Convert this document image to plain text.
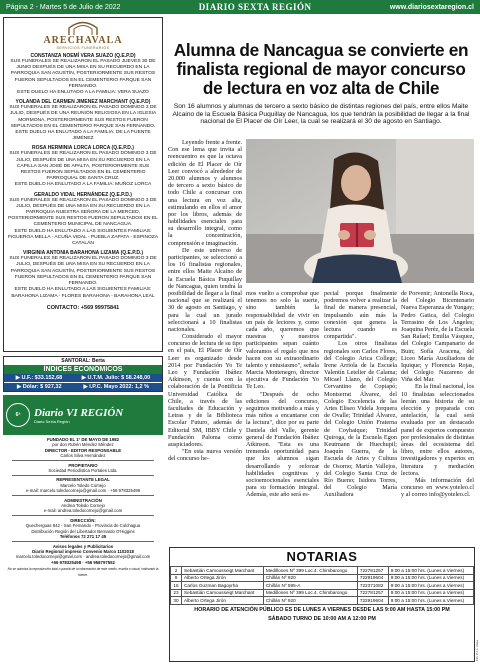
Página 2 - Martes 5 de Julio de 2022	DIARIO SEXTA REGIÓN	www.diariosextaregion.cl
ARECHAVALA
SERVICIOS FUNERARIOS
CONSTANZA NOEMÍ VERA SUAZO (Q.E.P.D)
SUS FUNERALES SE REALIZARON EL PASADO JUEVES 30 DE JUNIO DESPUÉS DE UNA MISA EN SU RECUERDO EN LA PARROQUIA SAN AGUSTÍN, POSTERIORMENTE SUS RESTOS FUERON SEPULTADOS EN EL CEMENTERIO PARQUE SAN FERNANDO.
ESTE DUELO HA ENLUTADO A LA FAMILIA: VERA SUAZO
YOLANDA DEL CARMEN JIMENEZ MARCHANT (Q.E.P.D)
SUS FUNERALES SE REALIZARON EL PASADO DOMINGO 3 DE JULIO, DESPUÉS DE UNA REUNIÓN RELIGIOSA EN LA IGLESIA MORMONA, POSTERIORMENTE SUS RESTOS FUERON SEPULTADOS EN EL CEMENTERIO PARQUE SAN FERNANDO.
ESTE DUELO HA ENLUTADO A LA FAMILIA: DE LA FUENTE JIMÉNEZ
ROSA HERMINIA LORCA LORCA (Q.E.P.D.)
SUS FUNERALES SE REALIZARON EL PASADO DOMINGO 3 DE JULIO, DESPUÉS DE UNA MISA EN SU RECUERDO EN LA CAPILLA SAN JOSÉ DE APALTA, POSTERIORMENTE SUS RESTOS FUERON SEPULTADOS EN EL CEMENTERIO PARROQUIAL DE SANTA CRUZ.
ESTE DUELO HA ENLUTADO A LA FAMILIA: MUÑOZ LORCA
GERALDO VIDAL HERNÁNDEZ (Q.E.P.D.)
SUS FUNERALES SE REALIZARON EL PASADO DOMINGO 3 DE JULIO, DESPUÉS DE UNA MISA EN SU RECUERDO EN LA PARROQUIA NUESTRA SEÑORA DE LA MERCED, POSTERIORMENTE SUS RESTOS FUERON SEPULTADOS EN EL CEMENTERIO MUNICIPAL DE NANCAGUA.
ESTE DUELO HA ENLUTADO A LAS SIGUIENTES FAMILIAS: FIGUEROA MELLA - ACUÑA VIDAL - PUEBLA ZAPATA - ESPINOZA CATALÁN
VIRGINIA ANTONIA BARAHONA LIZAMA (Q.E.P.D.)
SUS FUNERALES SE REALIZARON EL PASADO DOMINGO 3 DE JULIO, DESPUÉS DE UNA MISA EN SU RECUERDO EN LA PARROQUIA SAN AGUSTÍN, POSTERIORMENTE SUS RESTOS FUERON SEPULTADOS EN EL CEMENTERIO PARQUE SAN FERNANDO.
ESTE DUELO HA ENLUTADO A LAS SIGUIENTES FAMILIAS: BARAHONA LIZAMA - FLORES BARAHONA - BARAHONA LEAL
CONTACTO: +569 99975841
SANTORAL: Berta
ÍNDICES ECONÓMICOS
▶ U.F.: $33.152,68	▶ U.T.M. Julio: $ 58.248,00
▶ Dólar: $ 927,32	▶ I.P.C. Mayo 2022: 1,2 %
6ª	Diario VI REGIÓN
Diario Sexta Región
FUNDADO EL 1º DE MAYO DE 1982
por don Rubén Méndez Méndez
DIRECTOR - EDITOR RESPONSABLE
Carlos Silva Hernández
PROPIETARIO
Sociedad Periodística Portales Ltda.
REPRESENTANTE LEGAL
Marcelo Toledo Cornejo
e-mail: marcelo.toledocornejo@gmail.com · +56 978325498
ADMINISTRACIÓN
Andrea Toledo Cornejo
e-mail: andrea.toledocornejo@gmail.com
DIRECCIÓN:
Quecherguas 842 - San Fernando - Provincia de Colchagua
Distribución Región del Libertador Bernardo O'Higgins
Teléfonos 72 271 17 45
Avisos legales y Publicitarios
Diario Regional impreso Convenio Marco 1102018
marcelo.toledocornejo@gmail.com · andrea.toledocornejo@gmail.com
+56 978325498 · +56 958797552
No se autoriza la reproducción total o parcial de la información de este medio, escrita o visual, indicando la fuente.
Alumna de Nancagua se convierte en finalista regional de mayor concurso de lectura en voz alta de Chile
Son 16 alumnos y alumnas de tercero a sexto básico de distintas regiones del país, entre ellos Maite Alcaino de la Escuela Básica Puquillay de Nancagua, los que tendrán la posibilidad de llegar a la final nacional de El Placer de Oír Leer, la cual se realizará el 30 de agosto en Santiago.

Leyendo frente a frente. Con ese lema que invita al reencuentro es que la octava edición de El Placer de Oír Leer convocó a alrededor de 20.000 alumnos y alumnos de tercero a sexto básico de todo Chile a concursar con una lectura en voz alta, estimulando en ellos el amor por los libros, además de habilidades esenciales para su desarrollo integral, como la concentración, comprensión e imaginación.

De este universo de participantes, se seleccionó a los 16 finalistas regionales, entre ellos Maite Alcaino de la Escuela Básica Puquillay de Nancagua, quien tendrá la posibilidad de llegar a la final nacional que se realizará el 30 de agosto en Santiago, y para la cual un jurado seleccionará a 10 finalistas nacionales.

Considerado el mayor concurso de lectura de su tipo en el país, El Placer de Oír Leer es organizado desde 2014 por Fundación Yo Te Leo y Fundación Ibáñez Atkinson, y cuenta con la colaboración de la Pontificia Universidad Católica de Chile, a través de las facultades de Educación y Letras y de la Biblioteca Escolar Futuro, además de Editorial SM, IBBY Chile y Fundación Paloma como auspiciadores.

"En esta nueva versión del concurso he-

mos vuelto a comprobar que tenemos no solo la suerte, sino también la responsabilidad de vivir en un país de lectores y, como cada año, queremos que nuestras y nuestros participantes sepan cuánto valoramos el regalo que nos hacen con su extraordinario talento y entusiasmo", señala Marcia Montenegro, director ejecutiva de Fundación Yo Te Leo.

"Después de ocho ediciones del concurso, seguimos motivando a más y más niños a encantarse con la lectura", dice por su parte Daniela del Valle, gerente general de Fundación Ibáñez Atkinson. "Esta es una tremenda oportunidad para que los alumnos sigan desarrollando y reforzar habilidades cognitivas y socioemocionales esenciales para su formación integral. Además, este año será es-

pecial porque finalmente podremos volver a realizar la final de manera presencial, impulsando aún más la conexión que genera la lectura cuando es compartida".

Los otros finalistas regionales son Carlos Flores, del Colegio Arica College; Irene Arriola de la Escuela Valentín Letelier de Calama; Micael Llano, del Colegio Cervantino de Copiapó; Montserrat Álvarez, del Colegio Excelencia de las Artes Eliseo Videla Jorquera de Ovalle; Trinidad Álvarez, del Colegio Unión Fraterna de Coyhaique; Trinidad Quiroga, de la Escuela Egon Keutmann de Huechupil; Joaquín Guerra, de la Escuela de Artes y Cultura de Osorno; Martín Vallejos, del Colegio Santa Cruz de Río Bueno; Isidora Torres, del Colegio María Auxiliadora

de Porvenir; Antonella Roca, del Colegio Bicentenario Nueva Esperanza de Yungay; Pedro Gatica, del Colegio Terrasino de Los Ángeles; Joaquina Peréz, de la Escuela San Rafael; Emilia Vásquez, del Colegio Campanario de Buin; Sofía Aracena, del Liceo María Auxiliadora de Iquique; y Florencia Rojas, del Colegio Nazareno de Viña del Mar.

En la final nacional, los 10 finalistas seleccionados leerán una historia de su elección y preparada con antelación, la cual será evaluada por un destacado panel de expertos compuesto por profesionales de distintas áreas del ecosistema del libro, entre ellos autores, investigadores y expertos en literatura y mediación lectora.

Más información del concurso en www.yoteleo.cl y al correo info@yoteleo.cl.

NOTARIAS
2	Sebastián Camousseigt Marchant	Medillones Nº 399 Loc.4. Chimbarongo	722781257	9:00 a 15:00 hrs. (Lunes a Viernes)
9	Alberto Ortega Jirón	Chillán Nº 920	722919604	9:00 a 15:00 hrs. (Lunes a Viernes)
16	Carlos Guzman Bagoyrha	Chillán Nº 595-A	722371082	9:00 a 15:00 hrs. (Lunes a Viernes)
23	Sebastián Camousseigt Marchant	Medillones Nº 399 Loc.4. Chimbarongo	722781257	9:00 a 15:00 hrs. (Lunes a Viernes)
30	Alberto Ortega Jirón	Chillán Nº 920	722919604	9:00 a 15:00 hrs. (Lunes a Viernes)
HORARIO DE ATENCIÓN PÚBLICO ES DE LUNES A VIERNES DESDE LAS 9:00 AM HASTA 15:00 PM
SÁBADO TURNO DE 10:00 AM A 12:00 PM
FFL P.J.L. Zepa
